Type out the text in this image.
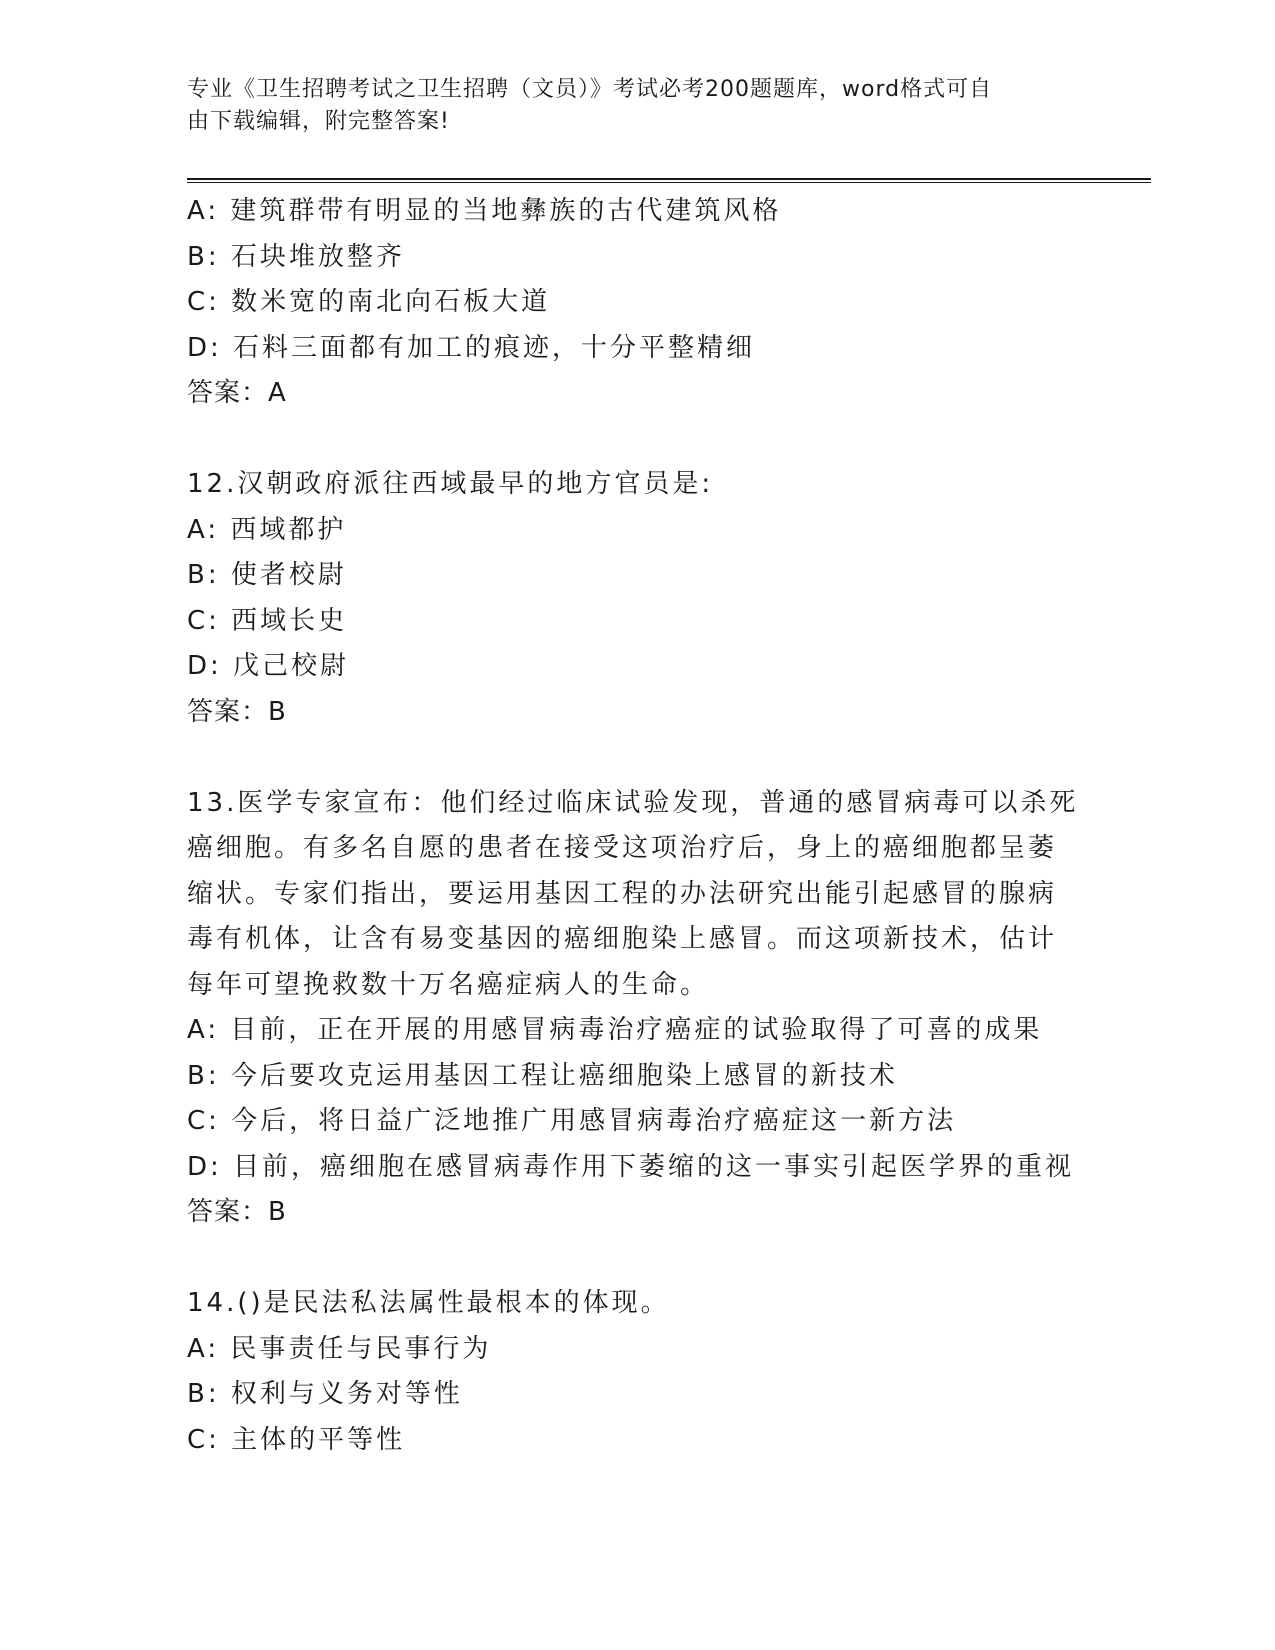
专业《卫生招聘考试之卫生招聘（文员）》考试必考200题题库，word格式可自
由下载编辑，附完整答案!
A: 建筑群带有明显的当地彝族的古代建筑风格
B: 石块堆放整齐
C: 数米宽的南北向石板大道
D: 石料三面都有加工的痕迹，十分平整精细
答案：A
12.汉朝政府派往西域最早的地方官员是:
A: 西域都护
B: 使者校尉
C: 西域长史
D: 戊己校尉
答案：B
13.医学专家宣布：他们经过临床试验发现，普通的感冒病毒可以杀死
癌细胞。有多名自愿的患者在接受这项治疗后，身上的癌细胞都呈萎
缩状。专家们指出，要运用基因工程的办法研究出能引起感冒的腺病
毒有机体，让含有易变基因的癌细胞染上感冒。而这项新技术，估计
每年可望挽救数十万名癌症病人的生命。
A: 目前，正在开展的用感冒病毒治疗癌症的试验取得了可喜的成果
B: 今后要攻克运用基因工程让癌细胞染上感冒的新技术
C: 今后，将日益广泛地推广用感冒病毒治疗癌症这一新方法
D: 目前，癌细胞在感冒病毒作用下萎缩的这一事实引起医学界的重视
答案：B
14.()是民法私法属性最根本的体现。
A: 民事责任与民事行为
B: 权利与义务对等性
C: 主体的平等性
